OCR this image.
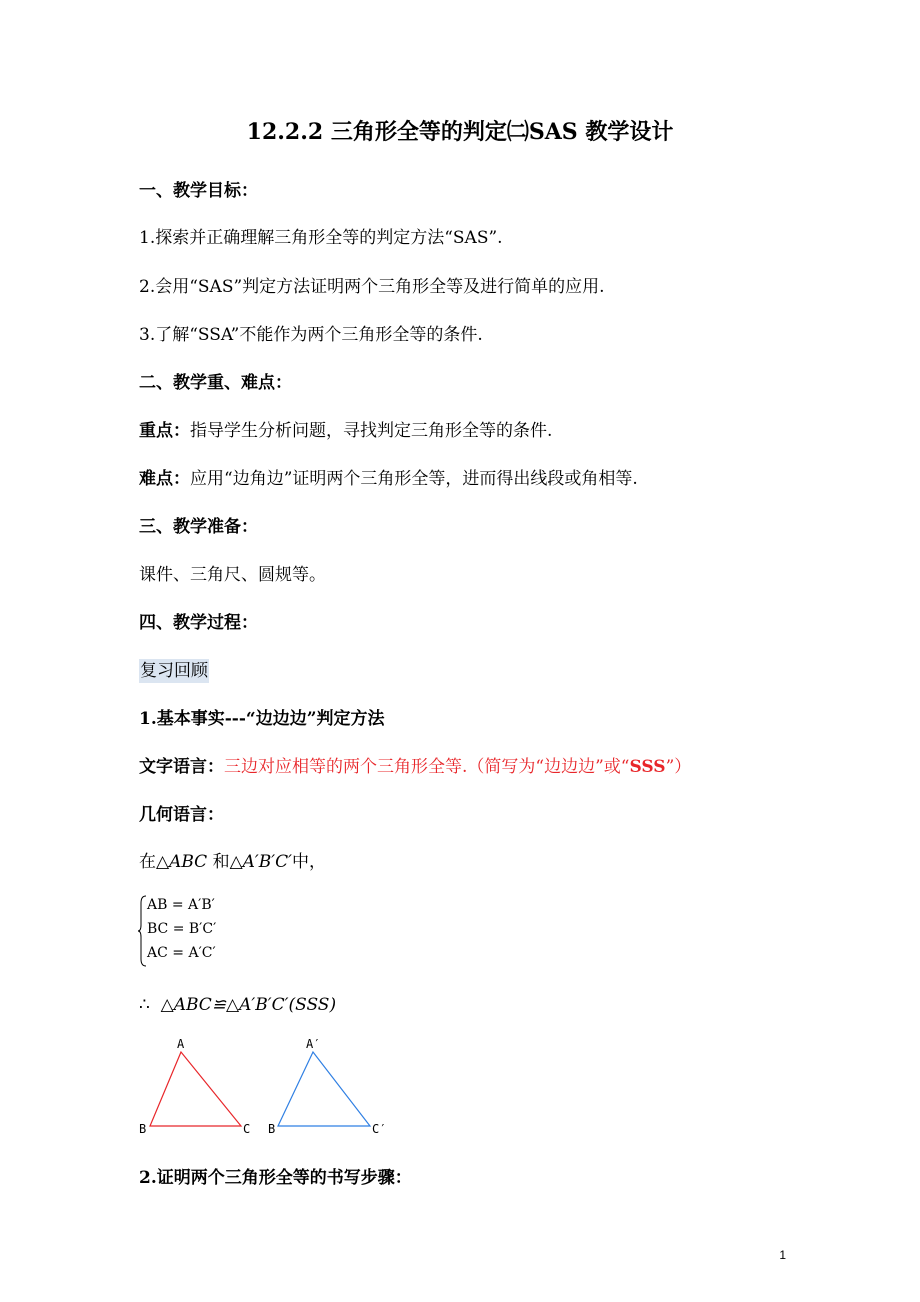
12.2.2 三角形全等的判定㈡SAS 教学设计
一、教学目标：
1.探索并正确理解三角形全等的判定方法“SAS”.
2.会用“SAS”判定方法证明两个三角形全等及进行简单的应用.
3.了解“SSA”不能作为两个三角形全等的条件.
二、教学重、难点：
重点：指导学生分析问题，寻找判定三角形全等的条件.
难点：应用“边角边”证明两个三角形全等，进而得出线段或角相等.
三、教学准备：
课件、三角尺、圆规等。
四、教学过程：
复习回顾
1.基本事实---“边边边”判定方法
文字语言：三边对应相等的两个三角形全等.（简写为“边边边”或“SSS”）
几何语言：
在△ABC 和△A′B′C′中，
AB = A′B′
BC = B′C′
AC = A′C′
∴ △ABC≌△A′B′C′(SSS)
A
B	C
A′
B	C′
2.证明两个三角形全等的书写步骤：
1
